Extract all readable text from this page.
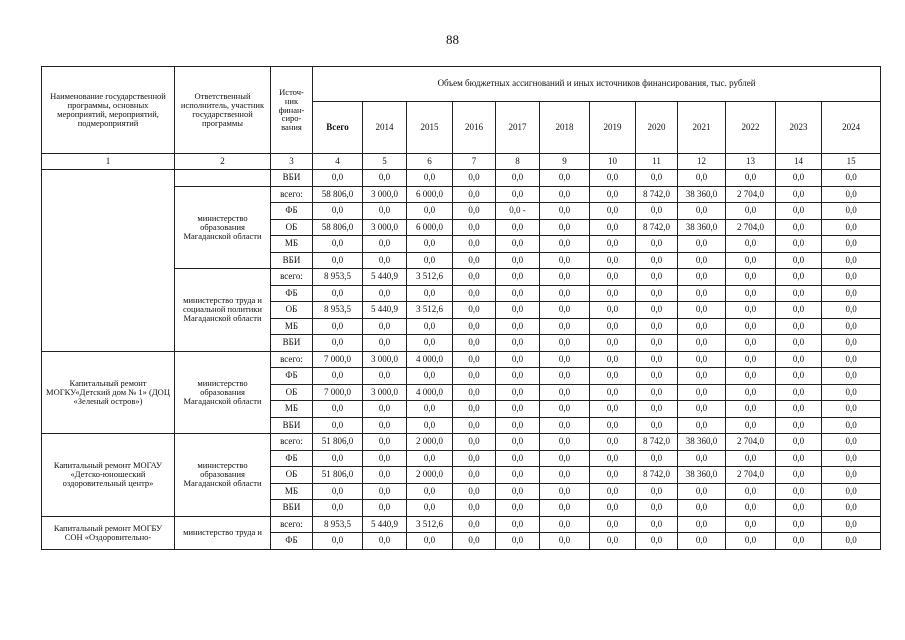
88
Наименование государственной программы, основных мероприятий, мероприятий, подмероприятий	Ответственный исполнитель, участник государственной программы	Источ-ник финан-сиро-вания	Объем бюджетных ассигнований и иных источников финансирования, тыс. рублей											
			Всего	2014	2015	2016	2017	2018	2019	2020	2021	2022	2023	2024
1	2	3	4	5	6	7	8	9	10	11	12	13	14	15
		ВБИ	0,0	0,0	0,0	0,0	0,0	0,0	0,0	0,0	0,0	0,0	0,0	0,0
	министерство образования Магаданской области	всего:	58 806,0	3 000,0	6 000,0	0,0	0,0	0,0	0,0	8 742,0	38 360,0	2 704,0	0,0	0,0
		ФБ	0,0	0,0	0,0	0,0	0,0 -	0,0	0,0	0,0	0,0	0,0	0,0	0,0
		ОБ	58 806,0	3 000,0	6 000,0	0,0	0,0	0,0	0,0	8 742,0	38 360,0	2 704,0	0,0	0,0
		МБ	0,0	0,0	0,0	0,0	0,0	0,0	0,0	0,0	0,0	0,0	0,0	0,0
		ВБИ	0,0	0,0	0,0	0,0	0,0	0,0	0,0	0,0	0,0	0,0	0,0	0,0
	министерство труда и социальной политики Магаданской области	всего:	8 953,5	5 440,9	3 512,6	0,0	0,0	0,0	0,0	0,0	0,0	0,0	0,0	0,0
		ФБ	0,0	0,0	0,0	0,0	0,0	0,0	0,0	0,0	0,0	0,0	0,0	0,0
		ОБ	8 953,5	5 440,9	3 512,6	0,0	0,0	0,0	0,0	0,0	0,0	0,0	0,0	0,0
		МБ	0,0	0,0	0,0	0,0	0,0	0,0	0,0	0,0	0,0	0,0	0,0	0,0
		ВБИ	0,0	0,0	0,0	0,0	0,0	0,0	0,0	0,0	0,0	0,0	0,0	0,0
Капитальный ремонт МОГКУ«Детский дом № 1» (ДОЦ «Зеленый остров»)	министерство образования Магаданской области	всего:	7 000,0	3 000,0	4 000,0	0,0	0,0	0,0	0,0	0,0	0,0	0,0	0,0	0,0
		ФБ	0,0	0,0	0,0	0,0	0,0	0,0	0,0	0,0	0,0	0,0	0,0	0,0
		ОБ	7 000,0	3 000,0	4 000,0	0,0	0,0	0,0	0,0	0,0	0,0	0,0	0,0	0,0
		МБ	0,0	0,0	0,0	0,0	0,0	0,0	0,0	0,0	0,0	0,0	0,0	0,0
		ВБИ	0,0	0,0	0,0	0,0	0,0	0,0	0,0	0,0	0,0	0,0	0,0	0,0
Капитальный ремонт МОГАУ «Детско-юношеский оздоровительный центр»	министерство образования Магаданской области	всего:	51 806,0	0,0	2 000,0	0,0	0,0	0,0	0,0	8 742,0	38 360,0	2 704,0	0,0	0,0
		ФБ	0,0	0,0	0,0	0,0	0,0	0,0	0,0	0,0	0,0	0,0	0,0	0,0
		ОБ	51 806,0	0,0	2 000,0	0,0	0,0	0,0	0,0	8 742,0	38 360,0	2 704,0	0,0	0,0
		МБ	0,0	0,0	0,0	0,0	0,0	0,0	0,0	0,0	0,0	0,0	0,0	0,0
		ВБИ	0,0	0,0	0,0	0,0	0,0	0,0	0,0	0,0	0,0	0,0	0,0	0,0
Капитальный ремонт МОГБУ СОН «Оздоровительно-	министерство труда и	всего:	8 953,5	5 440,9	3 512,6	0,0	0,0	0,0	0,0	0,0	0,0	0,0	0,0	0,0
		ФБ	0,0	0,0	0,0	0,0	0,0	0,0	0,0	0,0	0,0	0,0	0,0	0,0
